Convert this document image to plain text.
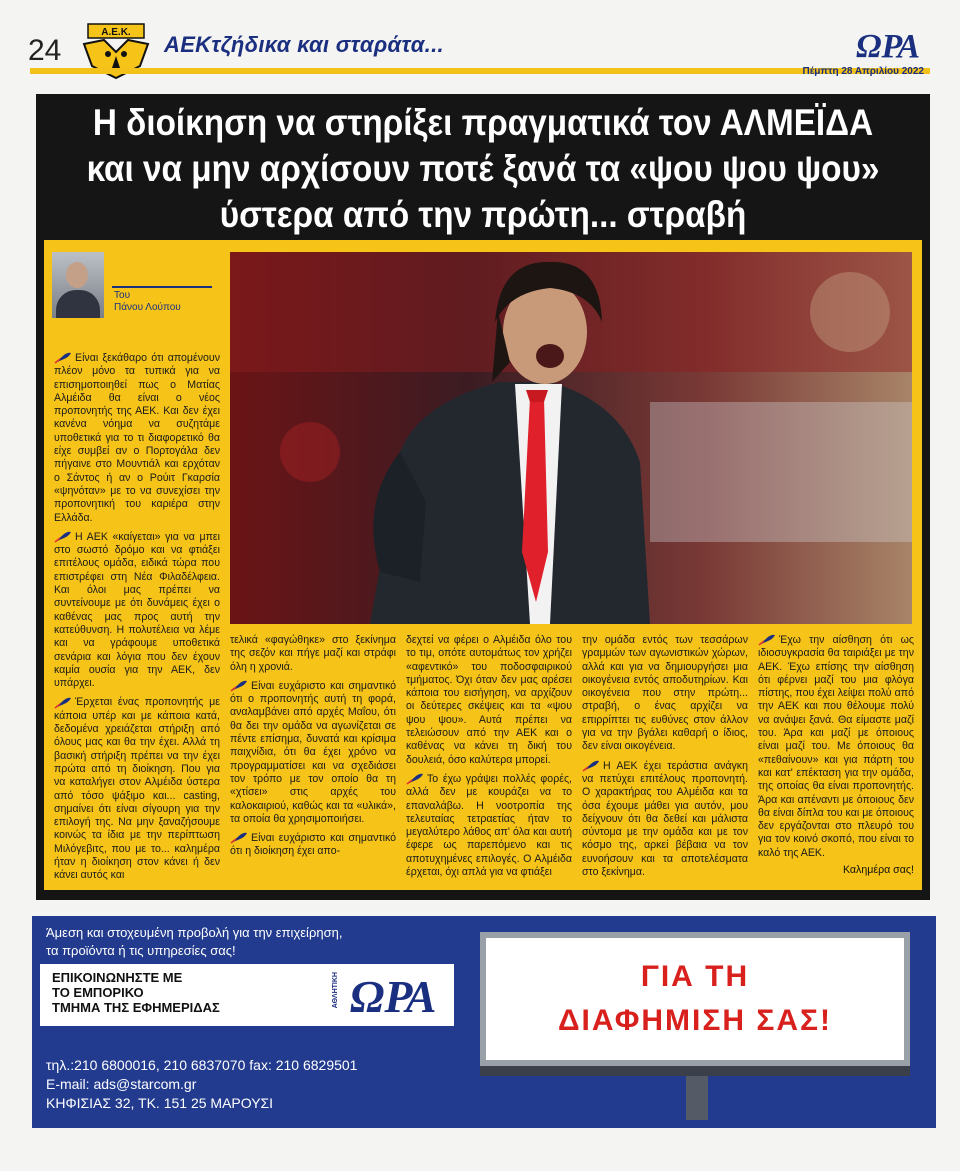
24
Α.Ε.Κ. ΑΕΚτζήδικα και σταράτα...	ΩΡΑ
Πέμπτη 28 Απριλίου 2022
Η διοίκηση να στηρίξει πραγματικά τον ΑΛΜΕΪΔΑ
και να μην αρχίσουν ποτέ ξανά τα «ψου ψου ψου»
ύστερα από την πρώτη... στραβή
Του
Πάνου Λούπου

Είναι ξεκάθαρο ότι απομένουν πλέον μόνο τα τυπικά για να επισημοποιηθεί πως ο Ματίας Αλμέιδα θα είναι ο νέος προπονητής της ΑΕΚ. Και δεν έχει κανένα νόημα να συζητάμε υποθετικά για το τι διαφορετικό θα είχε συμβεί αν ο Πορτογάλα δεν πήγαινε στο Μουντιάλ και ερχόταν ο Σάντος ή αν ο Ρούιτ Γκαρσία «ψηνόταν» με το να συνεχίσει την προπονητική του καριέρα στην Ελλάδα.

Η ΑΕΚ «καίγεται» για να μπει στο σωστό δρόμο και να φτιάξει επιτέλους ομάδα, ειδικά τώρα που επιστρέφει στη Νέα Φιλαδέλφεια. Και όλοι μας πρέπει να συντείνουμε με ότι δυνάμεις έχει ο καθένας μας προς αυτή την κατεύθυνση. Η πολυτέλεια να λέμε και να γράφουμε υποθετικά σενάρια και λόγια που δεν έχουν καμία ουσία για την ΑΕΚ, δεν υπάρχει.

Έρχεται ένας προπονητής με κάποια υπέρ και με κάποια κατά, δεδομένα χρειάζεται στήριξη από όλους μας και θα την έχει. Αλλά τη βασική στήριξη πρέπει να την έχει πρώτα από τη διοίκηση. Που για να καταλήγει στον Αλμέιδα ύστερα από τόσο ψάξιμο και... casting, σημαίνει ότι είναι σίγουρη για την επιλογή της. Να μην ξαναζήσουμε κοινώς τα ίδια με την περίπτωση Μιλόγεβιτς, που με το... καλημέρα ήταν η διοίκηση στον κάνει ή δεν κάνει αυτός και

τελικά «φαγώθηκε» στο ξεκίνημα της σεζόν και πήγε μαζί και στράφι όλη η χρονιά.

Είναι ευχάριστο και σημαντικό ότι ο προπονητής αυτή τη φορά, αναλαμβάνει από αρχές Μαΐου, ότι θα δει την ομάδα να αγωνίζεται σε πέντε επίσημα, δυνατά και κρίσιμα παιχνίδια, ότι θα έχει χρόνο να προγραμματίσει και να σχεδιάσει τον τρόπο με τον οποίο θα τη «χτίσει» στις αρχές του καλοκαιριού, καθώς και τα «υλικά», τα οποία θα χρησιμοποιήσει.

Είναι ευχάριστο και σημαντικό ότι η διοίκηση έχει απο-

δεχτεί να φέρει ο Αλμέιδα όλο του το τιμ, οπότε αυτομάτως τον χρήζει «αφεντικό» του ποδοσφαιρικού τμήματος. Όχι όταν δεν μας αρέσει κάποια του εισήγηση, να αρχίζουν οι δεύτερες σκέψεις και τα «ψου ψου ψου». Αυτά πρέπει να τελειώσουν από την ΑΕΚ και ο καθένας να κάνει τη δική του δουλειά, όσο καλύτερα μπορεί.

Το έχω γράψει πολλές φορές, αλλά δεν με κουράζει να το επαναλάβω. Η νοοτροπία της τελευταίας τετραετίας ήταν το μεγαλύτερο λάθος απ' όλα και αυτή έφερε ως παρεπόμενο και τις αποτυχημένες επιλογές. Ο Αλμέιδα έρχεται, όχι απλά για να φτιάξει

την ομάδα εντός των τεσσάρων γραμμών των αγωνιστικών χώρων, αλλά και για να δημιουργήσει μια οικογένεια εντός αποδυτηρίων. Και οικογένεια που στην πρώτη... στραβή, ο ένας αρχίζει να επιρρίπτει τις ευθύνες στον άλλον για να την βγάλει καθαρή ο ίδιος, δεν είναι οικογένεια.

Η ΑΕΚ έχει τεράστια ανάγκη να πετύχει επιτέλους προπονητή. Ο χαρακτήρας του Αλμέιδα και τα όσα έχουμε μάθει για αυτόν, μου δείχνουν ότι θα δεθεί και μάλιστα σύντομα με την ομάδα και με τον κόσμο της, αρκεί βέβαια να τον ευνοήσουν και τα αποτελέσματα στο ξεκίνημα.

Έχω την αίσθηση ότι ως ιδιοσυγκρασία θα ταιριάξει με την ΑΕΚ. Έχω επίσης την αίσθηση ότι φέρνει μαζί του μια φλόγα πίστης, που έχει λείψει πολύ από την ΑΕΚ και που θέλουμε πολύ να ανάψει ξανά. Θα είμαστε μαζί του. Άρα και μαζί με όποιους είναι μαζί του. Με όποιους θα «πεθαίνουν» και για πάρτη του και κατ' επέκταση για την ομάδα, της οποίας θα είναι προπονητής. Άρα και απέναντι με όποιους δεν θα είναι δίπλα του και με όποιους δεν εργάζονται στο πλευρό του για τον κοινό σκοπό, που είναι το καλό της ΑΕΚ.

Καλημέρα σας!
Άμεση και στοχευμένη προβολή για την επιχείρηση,
τα προϊόντα ή τις υπηρεσίες σας!
ΕΠΙΚΟΙΝΩΝΗΣΤΕ ΜΕ
ΤΟ ΕΜΠΟΡΙΚΟ
ΤΜΗΜΑ ΤΗΣ ΕΦΗΜΕΡΙΔΑΣ	ΑΘΛΗΤΙΚΗ ΩΡΑ
τηλ.:210 6800016, 210 6837070 fax: 210 6829501
E-mail: ads@starcom.gr
ΚΗΦΙΣΙΑΣ 32, ΤΚ. 151 25 ΜΑΡΟΥΣΙ
ΓΙΑ ΤΗ
ΔΙΑΦΗΜΙΣΗ ΣΑΣ!
